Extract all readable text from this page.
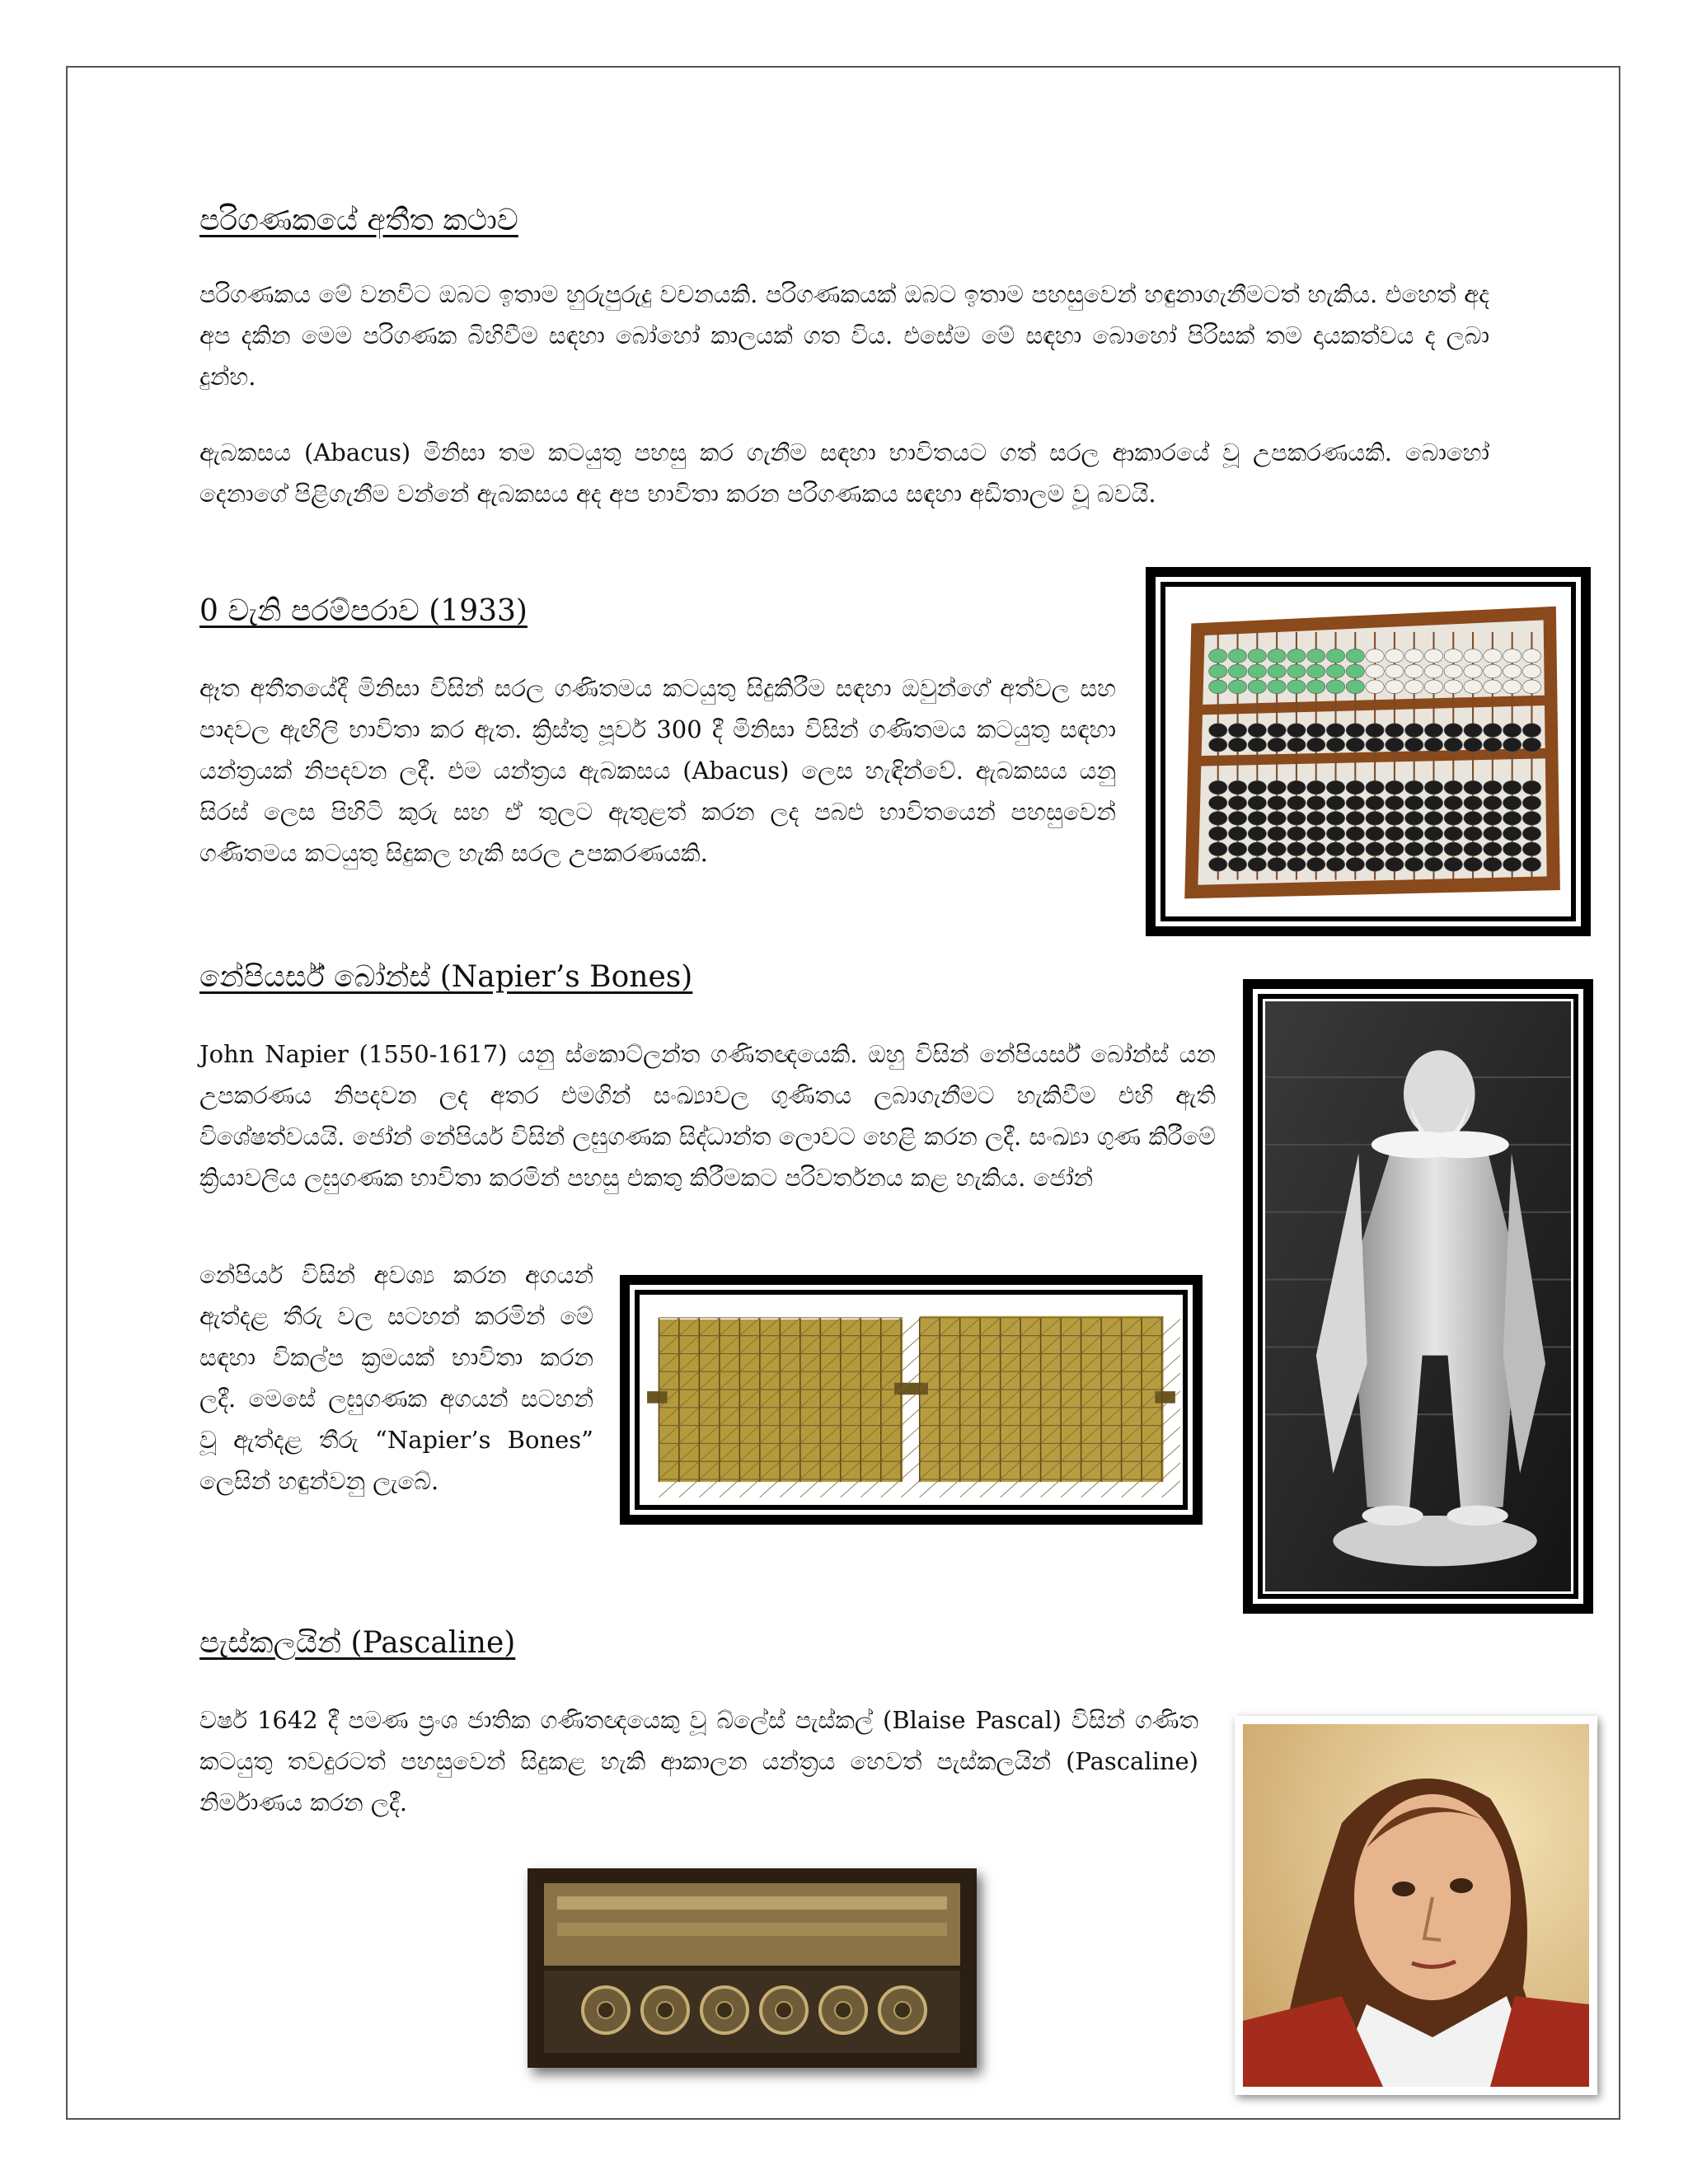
පරිගණකයේ අතීත කථාව

පරිගණකය මේ වනවිට ඔබට ඉතාම හුරුපුරුදු වචනයකි. පරිගණකයක් ඔබට ඉතාම පහසුවෙන් හඳුනාගැනීමටත් හැකිය. එහෙත් අද අප දකින මෙම පරිගණක බිහිවීම සඳහා බෝහෝ කාලයක් ගත විය. එසේම මේ සඳහා බොහෝ පිරිසක් තම දායකත්වය ද ලබා දුන්හ.

ඇබකසය (Abacus) මිනිසා තම කටයුතු පහසු කර ගැනීම සඳහා භාවිතයට ගත් සරල ආකාරයේ වූ උපකරණයකි. බොහෝ දෙනාගේ පිළිගැනීම වන්නේ ඇබකසය අද අප භාවිතා කරන පරිගණකය සඳහා අඩිතාලම වූ බවයි.

0 වැනි පරම්පරාව (1933)

ඈත අතීතයේදී මිනිසා විසින් සරල ගණිතමය කටයුතු සිදුකිරීම සඳහා ඔවුන්ගේ අත්වල සහ පාදවල ඇඟිලි භාවිතා කර ඇත. ක්‍රිස්තු පූර්ව 300 දී මිනිසා විසින් ගණිතමය කටයුතු සඳහා යන්ත්‍රයක් නිපදවන ලදී. එම යන්ත්‍රය ඇබකසය (Abacus) ලෙස හැඳින්වේ. ඇබකසය යනු සිරස් ලෙස පිහිටි කුරු සහ ඒ තුලට ඇතුළත් කරන ලද පබළු භාවිතයෙන් පහසුවෙන් ගණිතමය කටයුතු සිදුකල හැකි සරල උපකරණයකි.

නේපියර්ස් බෝන්ස් (Napier’s Bones)

John Napier (1550-1617) යනු ස්කොට්ලන්ත ගණිතඥයෙකි. ඔහු විසින් නේපියර්ස් බෝන්ස් යන උපකරණය නිපදවන ලද අතර එමගින් සංඛ්‍යාවල ගුණිතය ලබාගැනීමට හැකිවීම එහි ඇති විශේෂත්වයයි. ජෝන් නේපියර් විසින් ලඝුගණක සිද්ධාන්ත ලොවට හෙළි කරන ලදී. සංඛ්‍යා ගුණ කිරීමේ ක්‍රියාවලිය ලඝුගණක භාවිතා කරමින් පහසු එකතු කිරීමකට පරිවර්තනය කළ හැකිය. ජෝන්

නේපියර් විසින් අවශ්‍ය කරන අගයන් ඇත්දළ තීරු වල සටහන් කරමින් මේ සඳහා විකල්ප ක්‍රමයක් භාවිතා කරන ලදී. මෙසේ ලඝුගණක අගයන් සටහන් වූ ඇත්දළ තීරු “Napier’s Bones” ලෙසින් හඳුන්වනු ලැබේ.

පැස්කලයින් (Pascaline)

වර්ෂ 1642 දී පමණ ප්‍රංශ ජාතික ගණිතඥයෙකු වූ බ්ලේස් පැස්කල් (Blaise Pascal) විසින් ගණිත කටයුතු තවදුරටත් පහසුවෙන් සිදුකළ හැකි ආකාලන යන්ත්‍රය හෙවත් පැස්කලයින් (Pascaline) නිර්මාණය කරන ලදී.
